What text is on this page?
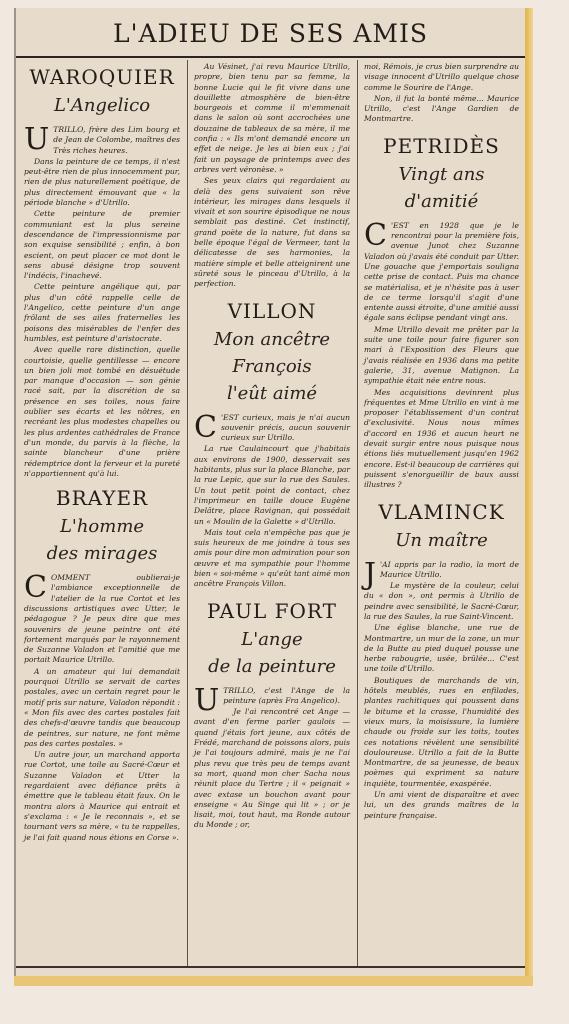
L'ADIEU DE SES AMIS
WAROQUIER
L'Angelico
U TRILLO, frère des Lim bourg et de Jean de Colombe, maîtres des Très riches heures.

Dans la peinture de ce temps, il n'est peut-être rien de plus innocemment pur, rien de plus naturellement poétique, de plus directement émouvant que « la période blanche » d'Utrillo.

Cette peinture de premier communiant est la plus sereine descendance de l'impressionnisme par son exquise sensibilité ; enfin, à bon escient, on peut placer ce mot dont le sens abusé désigne trop souvent l'indécis, l'inachevé.

Cette peinture angélique qui, par plus d'un côté rappelle celle de l'Angelico, cette peinture d'un ange frôlant de ses ailes fraternelles les poisons des misérables de l'enfer des humbles, est peinture d'aristocrate.

Avec quelle rare distinction, quelle courtoisie, quelle gentillesse — encore un bien joli mot tombé en désuétude par manque d'occasion — son génie racé sait, par la discrétion de sa présence en ses toiles, nous faire oublier ses écarts et les nôtres, en recréant les plus modestes chapelles ou les plus ardentes cathédrales de France d'un monde, du parvis à la flèche, la sainte blancheur d'une prière rédemptrice dont la ferveur et la pureté n'appartiennent qu'à lui.

BRAYER
L'homme
des mirages
C OMMENT oublierai-je l'ambiance exceptionnelle de l'atelier de la rue Cortot et les discussions artistiques avec Utter, le pédagogue ? Je peux dire que mes souvenirs de jeune peintre ont été fortement marqués par le rayonnement de Suzanne Valadon et l'amitié que me portait Maurice Utrillo.

A un amateur qui lui demandait pourquoi Utrillo se servait de cartes postales, avec un certain regret pour le motif pris sur nature, Valadon répondit : « Mon fils avec des cartes postales fait des chefs-d'œuvre tandis que beaucoup de peintres, sur nature, ne font même pas des cartes postales. »

Un autre jour, un marchand apporta rue Cortot, une toile au Sacré-Cœur et Suzanne Valadon et Utter la regardaient avec défiance prêts à émettre que le tableau était faux. On le montra alors à Maurice qui entrait et s'exclama : « Je le reconnais », et se tournant vers sa mère, « tu te rappelles, je l'ai fait quand nous étions en Corse ».

Au Vésinet, j'ai revu Maurice Utrillo, propre, bien tenu par sa femme, la bonne Lucie qui le fit vivre dans une douillette atmosphère de bien-être bourgeois et comme il m'emmenait dans le salon où sont accrochées une douzaine de tableaux de sa mère, il me confia : « Ils m'ont demandé encore un effet de neige. Je les ai bien eux ; j'ai fait un paysage de printemps avec des arbres vert véronèse. »

Ses yeux clairs qui regardaient au delà des gens suivaient son rêve intérieur, les mirages dans lesquels il vivait et son sourire épisodique ne nous semblait pas destiné. Cet instinctif, grand poète de la nature, fut dans sa belle époque l'égal de Vermeer, tant la délicatesse de ses harmonies, la matière simple et belle atteignirent une sûreté sous le pinceau d'Utrillo, à la perfection.

VILLON
Mon ancêtre
François
l'eût aimé
C 'EST curieux, mais je n'ai aucun souvenir précis, aucun souvenir curieux sur Utrillo.

La rue Caulaincourt que j'habitais aux environs de 1900, desservait ses habitants, plus sur la place Blanche, par la rue Lepic, que sur la rue des Saules. Un tout petit point de contact, chez l'imprimeur en taille douce Eugène Delâtre, place Ravignan, qui possédait un « Moulin de la Galette » d'Utrillo.

Mais tout cela n'empêche pas que je suis heureux de me joindre à tous ses amis pour dire mon admiration pour son œuvre et ma sympathie pour l'homme bien « soi-même » qu'eût tant aimé mon ancêtre François Villon.

PAUL FORT
L'ange
de la peinture
U TRILLO, c'est l'Ange de la peinture (après Fra Angelico).

Je l'ai rencontré cet Ange — avant d'en ferme parler gaulois — quand j'étais fort jeune, aux côtés de Frédé, marchand de poissons alors, puis je l'ai toujours admiré, mais je ne l'ai plus revu que très peu de temps avant sa mort, quand mon cher Sacha nous réunit place du Tertre ; il « peignait » avec extase un bouchon avant pour enseigne « Au Singe qui lit » ; or je lisait, moi, tout haut, ma Ronde autour du Monde ; or,

moi, Rémois, je crus bien surprendre au visage innocent d'Utrillo quelque chose comme le Sourire de l'Ange.

Non, il fut la bonté même... Maurice Utrillo, c'est l'Ange Gardien de Montmartre.

PETRIDÈS
Vingt ans
d'amitié
C 'EST en 1928 que je le rencontrai pour la première fois, avenue Junot chez Suzanne Valadon où j'avais été conduit par Utter. Une gouache que j'emportais souligna cette prise de contact. Puis ma chance se matérialisa, et je n'hésite pas à user de ce terme lorsqu'il s'agit d'une entente aussi étroite, d'une amitié aussi égale sans éclipse pendant vingt ans.

Mme Utrillo devait me prêter par la suite une toile pour faire figurer son mari à l'Exposition des Fleurs que j'avais réalisée en 1936 dans ma petite galerie, 31, avenue Matignon. La sympathie était née entre nous.

Mes acquisitions devinrent plus fréquentes et Mme Utrillo en vint à me proposer l'établissement d'un contrat d'exclusivité. Nous nous mîmes d'accord en 1936 et aucun heurt ne devait surgir entre nous puisque nous étions liés mutuellement jusqu'en 1962 encore. Est-il beaucoup de carrières qui puissent s'enorgueillir de baux aussi illustres ?

VLAMINCK
Un maître
J 'AI appris par la radio, la mort de Maurice Utrillo.

Le mystère de la couleur, celui du « don », ont permis à Utrillo de peindre avec sensibilité, le Sacré-Cœur, la rue des Saules, la rue Saint-Vincent.

Une église blanche, une rue de Montmartre, un mur de la zone, un mur de la Butte au pied duquel pousse une herbe rabougrie, usée, brûlée... C'est une toile d'Utrillo.

Boutiques de marchands de vin, hôtels meublés, rues en enfilades, plantes rachitiques qui poussent dans le bitume et la crasse, l'humidité des vieux murs, la moisissure, la lumière chaude ou froide sur les toits, toutes ces notations révèlent une sensibilité douloureuse. Utrillo a fait de la Butte Montmartre, de sa jeunesse, de beaux poèmes qui expriment sa nature inquiète, tourmentée, exaspérée.

Un ami vient de disparaître et avec lui, un des grands maîtres de la peinture française.
